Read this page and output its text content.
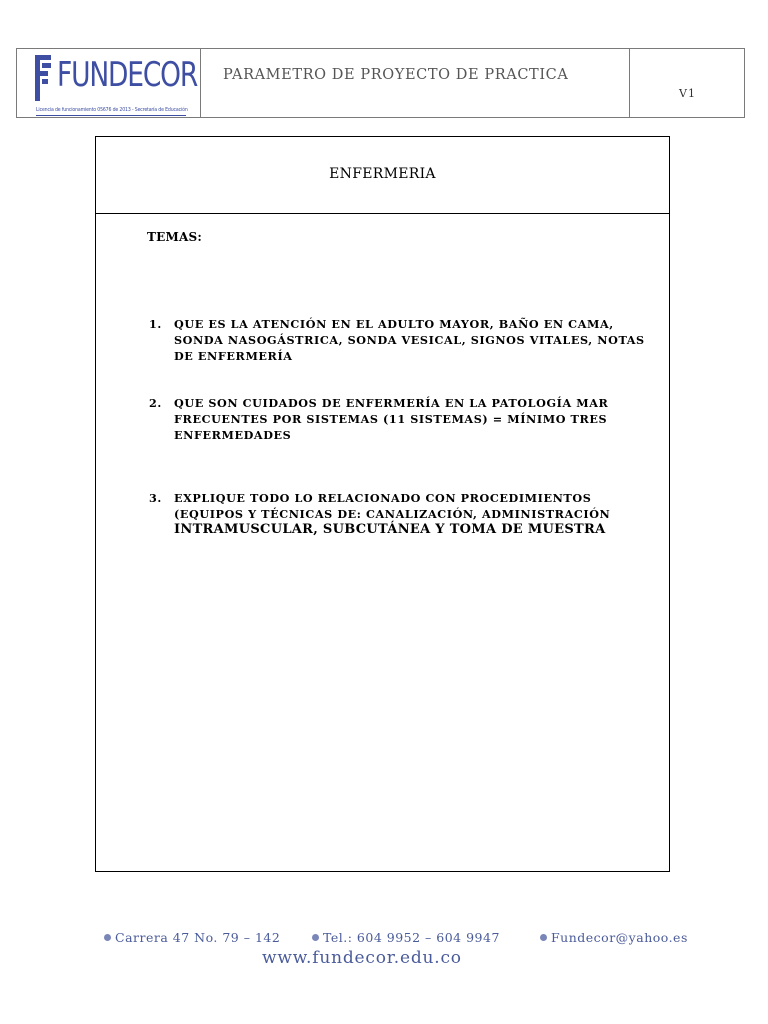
FUNDECOR
Licencia de funcionamiento 05676 de 2013 - Secretaría de Educación
PARAMETRO DE PROYECTO DE PRACTICA
V1
ENFERMERIA
TEMAS:
1.	QUE ES LA ATENCIÓN EN EL ADULTO MAYOR, BAÑO EN CAMA,
SONDA NASOGÁSTRICA, SONDA VESICAL, SIGNOS VITALES, NOTAS
DE ENFERMERÍA
2.	QUE SON CUIDADOS DE ENFERMERÍA EN LA PATOLOGÍA MAR
FRECUENTES POR SISTEMAS (11 SISTEMAS) = MÍNIMO TRES
ENFERMEDADES
3.	EXPLIQUE TODO LO RELACIONADO CON PROCEDIMIENTOS
(EQUIPOS Y TÉCNICAS DE: CANALIZACIÓN, ADMINISTRACIÓN
INTRAMUSCULAR, SUBCUTÁNEA Y TOMA DE MUESTRA
Carrera 47 No. 79 – 142	Tel.: 604 9952 – 604 9947	Fundecor@yahoo.es
www.fundecor.edu.co
